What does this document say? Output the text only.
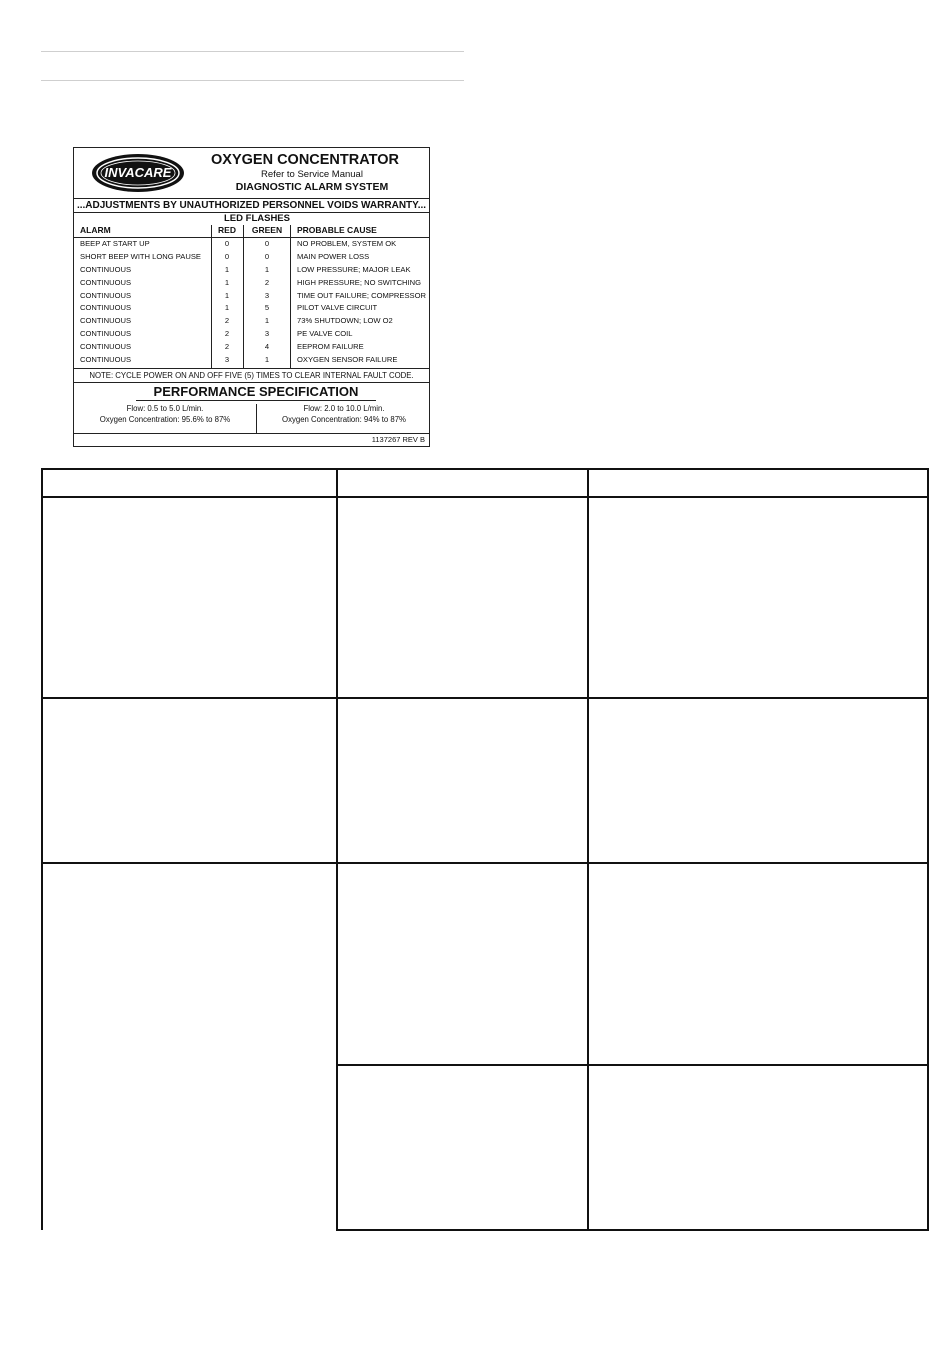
INVACARE
OXYGEN CONCENTRATOR
Refer to Service Manual
DIAGNOSTIC ALARM SYSTEM
...ADJUSTMENTS BY UNAUTHORIZED PERSONNEL VOIDS WARRANTY...
LED FLASHES
ALARM	RED	GREEN	PROBABLE CAUSE
BEEP AT START UP	0	0	NO PROBLEM, SYSTEM OK
SHORT BEEP WITH LONG PAUSE	0	0	MAIN POWER LOSS
CONTINUOUS	1	1	LOW PRESSURE; MAJOR LEAK
CONTINUOUS	1	2	HIGH PRESSURE; NO SWITCHING
CONTINUOUS	1	3	TIME OUT FAILURE; COMPRESSOR
CONTINUOUS	1	5	PILOT VALVE CIRCUIT
CONTINUOUS	2	1	73% SHUTDOWN; LOW O2
CONTINUOUS	2	3	PE VALVE COIL
CONTINUOUS	2	4	EEPROM FAILURE
CONTINUOUS	3	1	OXYGEN SENSOR FAILURE
NOTE: CYCLE POWER ON AND OFF FIVE (5) TIMES TO CLEAR INTERNAL FAULT CODE.
PERFORMANCE SPECIFICATION
Flow: 0.5 to 5.0 L/min.
Oxygen Concentration: 95.6% to 87%
Flow: 2.0 to 10.0 L/min.
Oxygen Concentration: 94% to 87%
1137267 REV B
